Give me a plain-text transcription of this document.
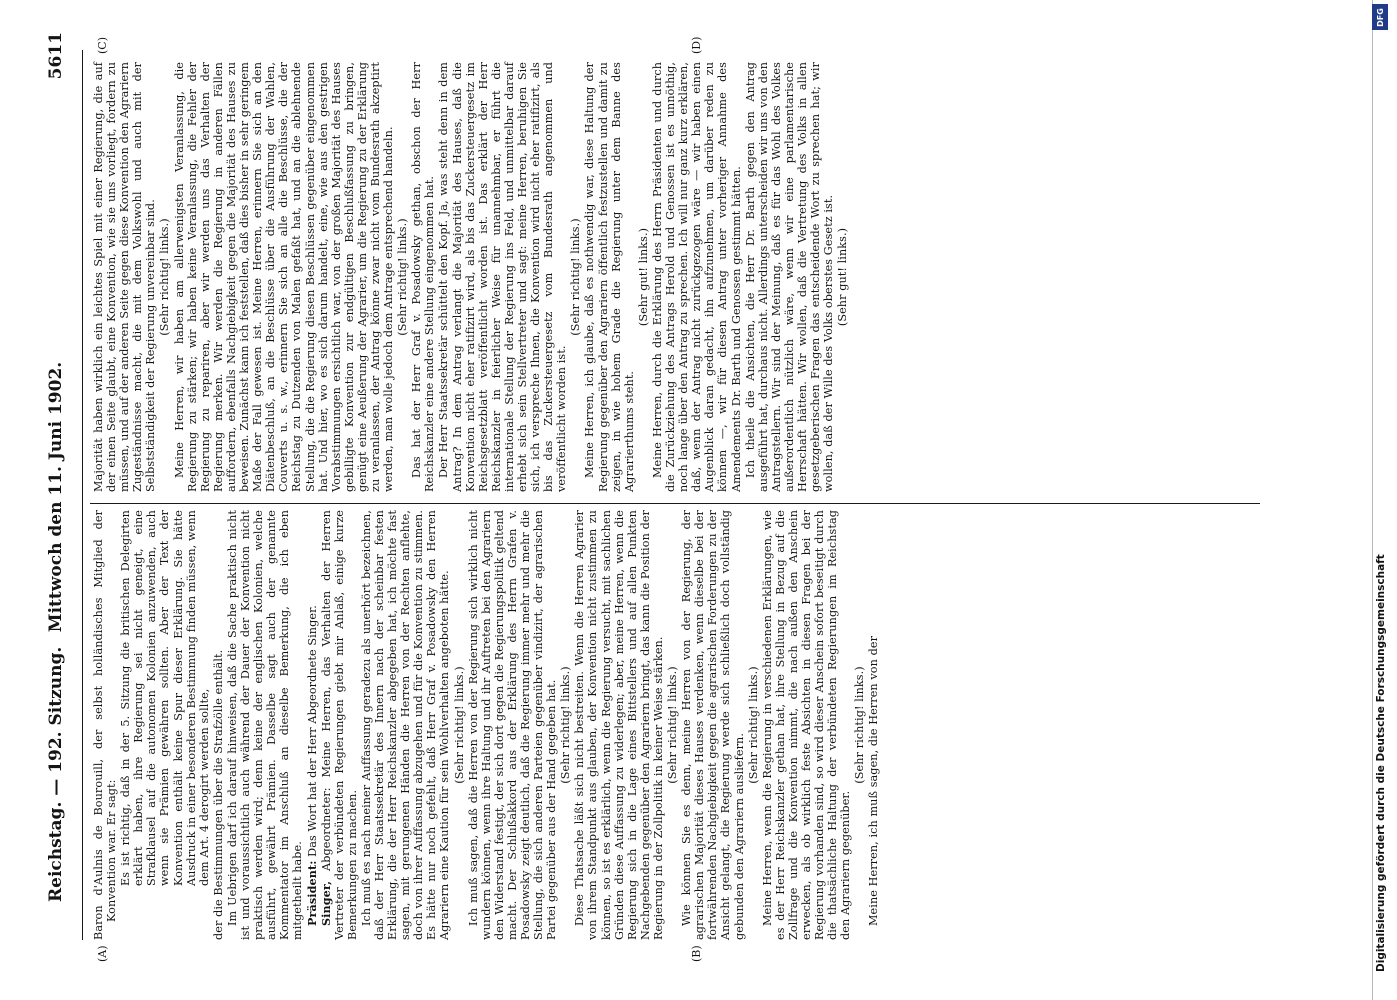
Reichstag. — 192. Sitzung.
Mittwoch den 11. Juni 1902.
5611
(A)	(B)
(C)	(D)

Baron d'Aulnis de Bourouill, der selbst holländisches Mitglied der Konvention war. Er sagt: Es ist richtig, daß in der 5. Sitzung die britischen Delegirten erklärt haben, ihre Regierung sei nicht geneigt, eine Strafklausel auf die autonomen Kolonien anzuwenden, auch wenn sie Prämien gewähren sollten. Aber der Text der Konvention enthält keine Spur dieser Erklärung. Sie hätte Ausdruck in einer besonderen Bestimmung finden müssen, wenn dem Art. 4 derogirt werden sollte, der die Bestimmungen über die Strafzölle enthält. Im Uebrigen darf ich darauf hinweisen, daß die Sache praktisch nicht ist und voraussichtlich auch während der Dauer der Konvention nicht praktisch werden wird; denn keine der englischen Kolonien, welche ausführt, gewährt Prämien. Dasselbe sagt auch der genannte Kommentator im Anschluß an dieselbe Bemerkung, die ich eben mitgetheilt habe. Präsident: Das Wort hat der Herr Abgeordnete Singer.

Singer, Abgeordneter: Meine Herren, das Verhalten der Herren Vertreter der verbündeten Regierungen giebt mir Anlaß, einige kurze Bemerkungen zu machen. Ich muß es nach meiner Auffassung geradezu als unerhört bezeichnen, daß der Herr Staatssekretär des Innern nach der scheinbar festen Erklärung, die der Herr Reichskanzler abgegeben hat, ich möchte fast sagen, mit gerungenen Händen die Herren von der Rechten anflehte, doch von ihrer Auffassung abzugehen und für die Konvention zu stimmen. Es hätte nur noch gefehlt, daß Herr Graf v. Posadowsky den Herren Agrariern eine Kaution für sein Wohlverhalten angeboten hätte. (Sehr richtig! links.) Ich muß sagen, daß die Herren von der Regierung sich wirklich nicht wundern können, wenn ihre Haltung und ihr Auftreten bei den Agrariern den Widerstand festigt, der sich dort gegen die Regierungspolitik geltend macht. Der Schlußakkord aus der Erklärung des Herrn Grafen v. Posadowsky zeigt deutlich, daß die Regierung immer mehr und mehr die Stellung, die sich anderen Parteien gegenüber vindizirt, der agrarischen Partei gegenüber aus der Hand gegeben hat. (Sehr richtig! links.) Diese Thatsache läßt sich nicht bestreiten. Wenn die Herren Agrarier von ihrem Standpunkt aus glauben, der Konvention nicht zustimmen zu können, so ist es erklärlich, wenn die Regierung versucht, mit sachlichen Gründen diese Auffassung zu widerlegen; aber, meine Herren, wenn die Regierung sich in die Lage eines Bittstellers und auf allen Punkten Nachgebenden gegenüber den Agrariern bringt, das kann die Position der Regierung in der Zollpolitik in keiner Weise stärken. (Sehr richtig! links.) Wie können Sie es denn, meine Herren von der Regierung, der agrarischen Majorität dieses Hauses verdenken, wenn dieselbe bei der fortwährenden Nachgiebigkeit gegen die agrarischen Forderungen zu der Ansicht gelangt, die Regierung werde sich schließlich doch vollständig gebunden den Agrariern ausliefern.

(Sehr richtig! links.) Meine Herren, wenn die Regierung in verschiedenen Erklärungen, wie es der Herr Reichskanzler gethan hat, ihre Stellung in Bezug auf die Zollfrage und die Konvention nimmt, die nach außen den Anschein erwecken, als ob wirklich feste Absichten in diesen Fragen bei der Regierung vorhanden sind, so wird dieser Anschein sofort beseitigt durch die thatsächliche Haltung der verbündeten Regierungen im Reichstag den Agrariern gegenüber.

(Sehr richtig! links.) Meine Herren, ich muß sagen, die Herren von der

Majorität haben wirklich ein leichtes Spiel mit einer Regierung, die auf der einen Seite glaubt, eine Konvention, wie sie uns vorliegt, fordern zu müssen, und auf der anderen Seite gegen diese Konvention den Agrariern Zugeständnisse macht, die mit dem Volkswohl und auch mit der Selbstständigkeit der Regierung unvereinbar sind. (Sehr richtig! links.) Meine Herren, wir haben am allerwenigsten Veranlassung, die Regierung zu stärken; wir haben keine Veranlassung, die Fehler der Regierung zu repariren, aber wir werden uns das Verhalten der Regierung merken. Wir werden die Regierung in anderen Fällen auffordern, ebenfalls Nachgiebigkeit gegen die Majorität des Hauses zu beweisen. Zunächst kann ich feststellen, daß dies bisher in sehr geringem Maße der Fall gewesen ist. Meine Herren, erinnern Sie sich an den Diätenbeschluß, an die Beschlüsse über die Ausführung der Wahlen, Couverts u. s. w., erinnern Sie sich an alle die Beschlüsse, die der Reichstag zu Dutzenden von Malen gefaßt hat, und an die ablehnende Stellung, die die Regierung diesen Beschlüssen gegenüber eingenommen hat. Und hier, wo es sich darum handelt, eine, wie aus den gestrigen Vorabstimmungen ersichtlich war, von der großen Majorität des Hauses gebilligte Konvention zur endgültigen Beschlußfassung zu bringen, genügt eine Aeußerung der Agrarier, um die Regierung zu der Erklärung zu veranlassen, der Antrag könne zwar nicht vom Bundesrath akzeptirt werden, man wolle jedoch dem Antrage entsprechend handeln. (Sehr richtig! links.) Das hat der Herr Graf v. Posadowsky gethan, obschon der Herr Reichskanzler eine andere Stellung eingenommen hat. Der Herr Staatssekretär schüttelt den Kopf. Ja, was steht denn in dem Antrag? In dem Antrag verlangt die Majorität des Hauses, daß die Konvention nicht eher ratifizirt wird, als bis das Zuckersteuergesetz im Reichsgesetzblatt veröffentlicht worden ist. Das erklärt der Herr Reichskanzler in feierlicher Weise für unannehmbar, er führt die internationale Stellung der Regierung ins Feld, und unmittelbar darauf erhebt sich sein Stellvertreter und sagt: meine Herren, beruhigen Sie sich, ich verspreche Ihnen, die Konvention wird nicht eher ratifizirt, als bis das Zuckersteuergesetz vom Bundesrath angenommen und veröffentlicht worden ist.

(Sehr richtig! links.) Meine Herren, ich glaube, daß es nothwendig war, diese Haltung der Regierung gegenüber den Agrariern öffentlich festzustellen und damit zu zeigen, in wie hohem Grade die Regierung unter dem Banne des Agrarierthums steht.

(Sehr gut! links.) Meine Herren, durch die Erklärung des Herrn Präsidenten und durch die Zurückziehung des Antrags Herold und Genossen ist es unnöthig, noch lange über den Antrag zu sprechen. Ich will nur ganz kurz erklären, daß, wenn der Antrag nicht zurückgezogen wäre — wir haben einen Augenblick daran gedacht, ihn aufzunehmen, um darüber reden zu können —, wir für diesen Antrag unter vorheriger Annahme des Amendements Dr. Barth und Genossen gestimmt hätten. Ich theile die Ansichten, die Herr Dr. Barth gegen den Antrag ausgeführt hat, durchaus nicht. Allerdings unterscheiden wir uns von den Antragstellern. Wir sind der Meinung, daß es für das Wohl des Volkes außerordentlich nützlich wäre, wenn wir eine parlamentarische Herrschaft hätten. Wir wollen, daß die Vertretung des Volks in allen gesetzgeberischen Fragen das entscheidende Wort zu sprechen hat; wir wollen, daß der Wille des Volks oberstes Gesetz ist. (Sehr gut! links.)

Digitalisierung gefördert durch die Deutsche Forschungsgemeinschaft
DFG
